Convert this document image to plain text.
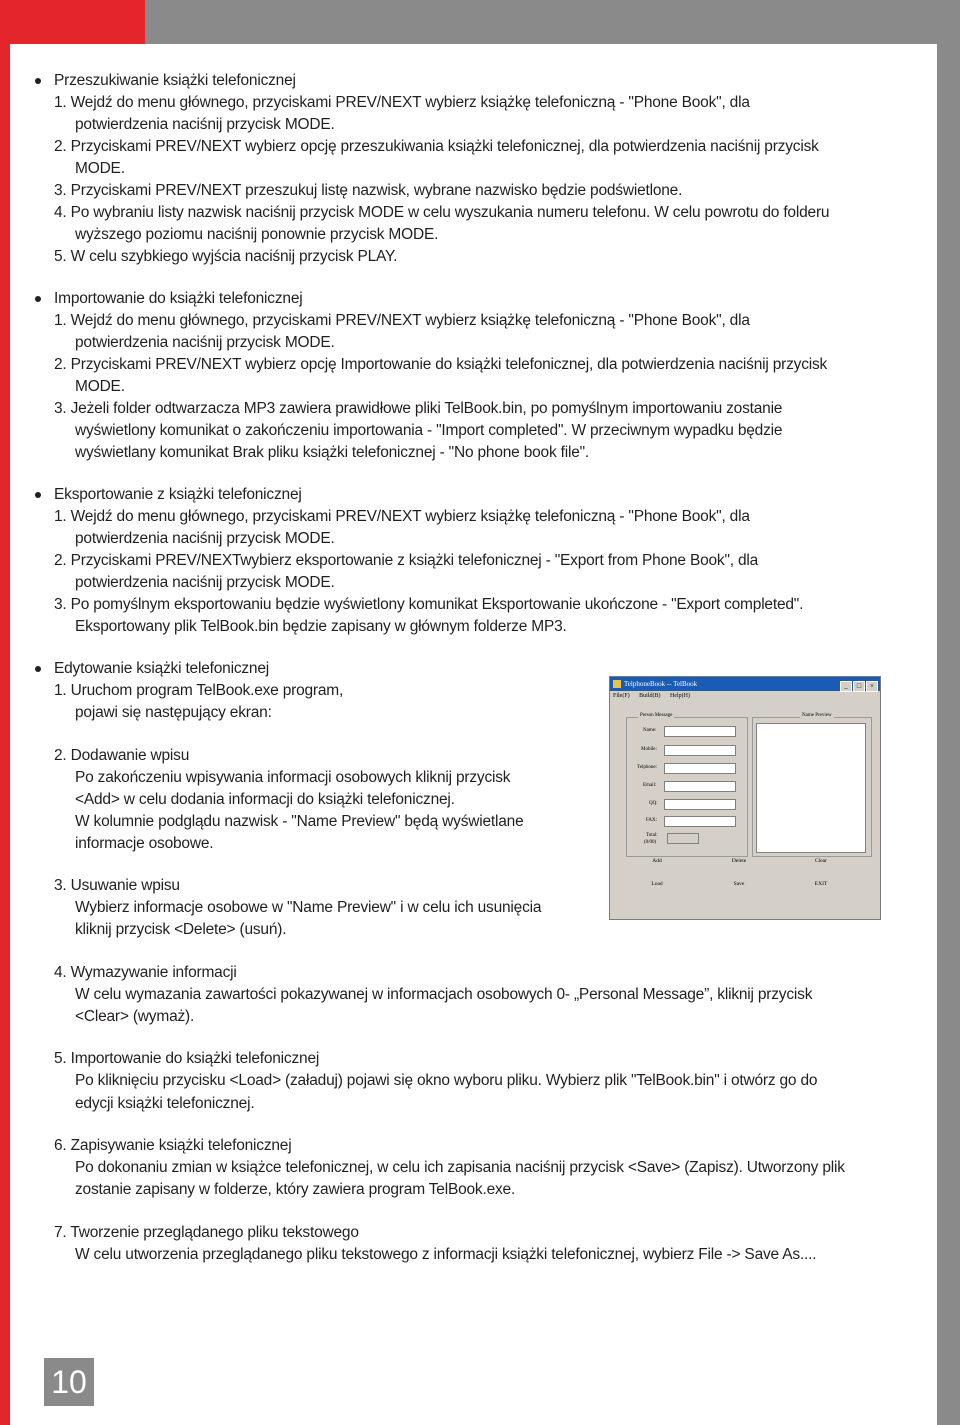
Przeszukiwanie książki telefonicznej
1. Wejdź do menu głównego, przyciskami PREV/NEXT wybierz książkę telefoniczną - "Phone Book", dla
potwierdzenia naciśnij przycisk MODE.
2. Przyciskami PREV/NEXT wybierz opcję przeszukiwania książki telefonicznej, dla potwierdzenia naciśnij przycisk
MODE.
3. Przyciskami PREV/NEXT przeszukuj listę nazwisk, wybrane nazwisko będzie podświetlone.
4. Po wybraniu listy nazwisk naciśnij przycisk MODE w celu wyszukania numeru telefonu. W celu powrotu do folderu
wyższego poziomu naciśnij ponownie przycisk MODE.
5. W celu szybkiego wyjścia naciśnij przycisk PLAY.
Importowanie do książki telefonicznej
1. Wejdź do menu głównego, przyciskami PREV/NEXT wybierz książkę telefoniczną - "Phone Book", dla
potwierdzenia naciśnij przycisk MODE.
2. Przyciskami PREV/NEXT wybierz opcję Importowanie do książki telefonicznej, dla potwierdzenia naciśnij przycisk
MODE.
3. Jeżeli folder odtwarzacza MP3 zawiera prawidłowe pliki TelBook.bin, po pomyślnym importowaniu zostanie
wyświetlony komunikat o zakończeniu importowania - "Import completed". W przeciwnym wypadku będzie
wyświetlany komunikat Brak pliku książki telefonicznej - "No phone book file".
Eksportowanie z książki telefonicznej
1. Wejdź do menu głównego, przyciskami PREV/NEXT wybierz książkę telefoniczną - "Phone Book", dla
potwierdzenia naciśnij przycisk MODE.
2. Przyciskami PREV/NEXTwybierz eksportowanie z książki telefonicznej - "Export from Phone Book", dla
potwierdzenia naciśnij przycisk MODE.
3. Po pomyślnym eksportowaniu będzie wyświetlony komunikat Eksportowanie ukończone - "Export completed".
Eksportowany plik TelBook.bin będzie zapisany w głównym folderze MP3.
Edytowanie książki telefonicznej
1. Uruchom program TelBook.exe program,
pojawi się następujący ekran:
2. Dodawanie wpisu
Po zakończeniu wpisywania informacji osobowych kliknij przycisk
<Add> w celu dodania informacji do książki telefonicznej.
W kolumnie podglądu nazwisk - "Name Preview" będą wyświetlane
informacje osobowe.
3. Usuwanie wpisu
Wybierz informacje osobowe w "Name Preview" i w celu ich usunięcia
kliknij przycisk <Delete> (usuń).
4. Wymazywanie informacji
W celu wymazania zawartości pokazywanej w informacjach osobowych 0- „Personal Message”, kliknij przycisk
<Clear> (wymaż).
5. Importowanie do książki telefonicznej
Po kliknięciu przycisku <Load> (załaduj) pojawi się okno wyboru pliku. Wybierz plik "TelBook.bin" i otwórz go do
edycji książki telefonicznej.
6. Zapisywanie książki telefonicznej
Po dokonaniu zmian w książce telefonicznej, w celu ich zapisania naciśnij przycisk <Save> (Zapisz). Utworzony plik
zostanie zapisany w folderze, który zawiera program TelBook.exe.
7. Tworzenie przeglądanego pliku tekstowego
W celu utworzenia przeglądanego pliku tekstowego z informacji książki telefonicznej, wybierz File -> Save As....
TelphoneBook -- TelBook	_ □ ×
File(F) Build(B) Help(H)
Person Message	Name Preview
Name:
Mobile:
Telphone:
Email:
QQ:
FAX:
Total:
(0/00)
Add	Delete	Clear
Load	Save	EXIT
10
